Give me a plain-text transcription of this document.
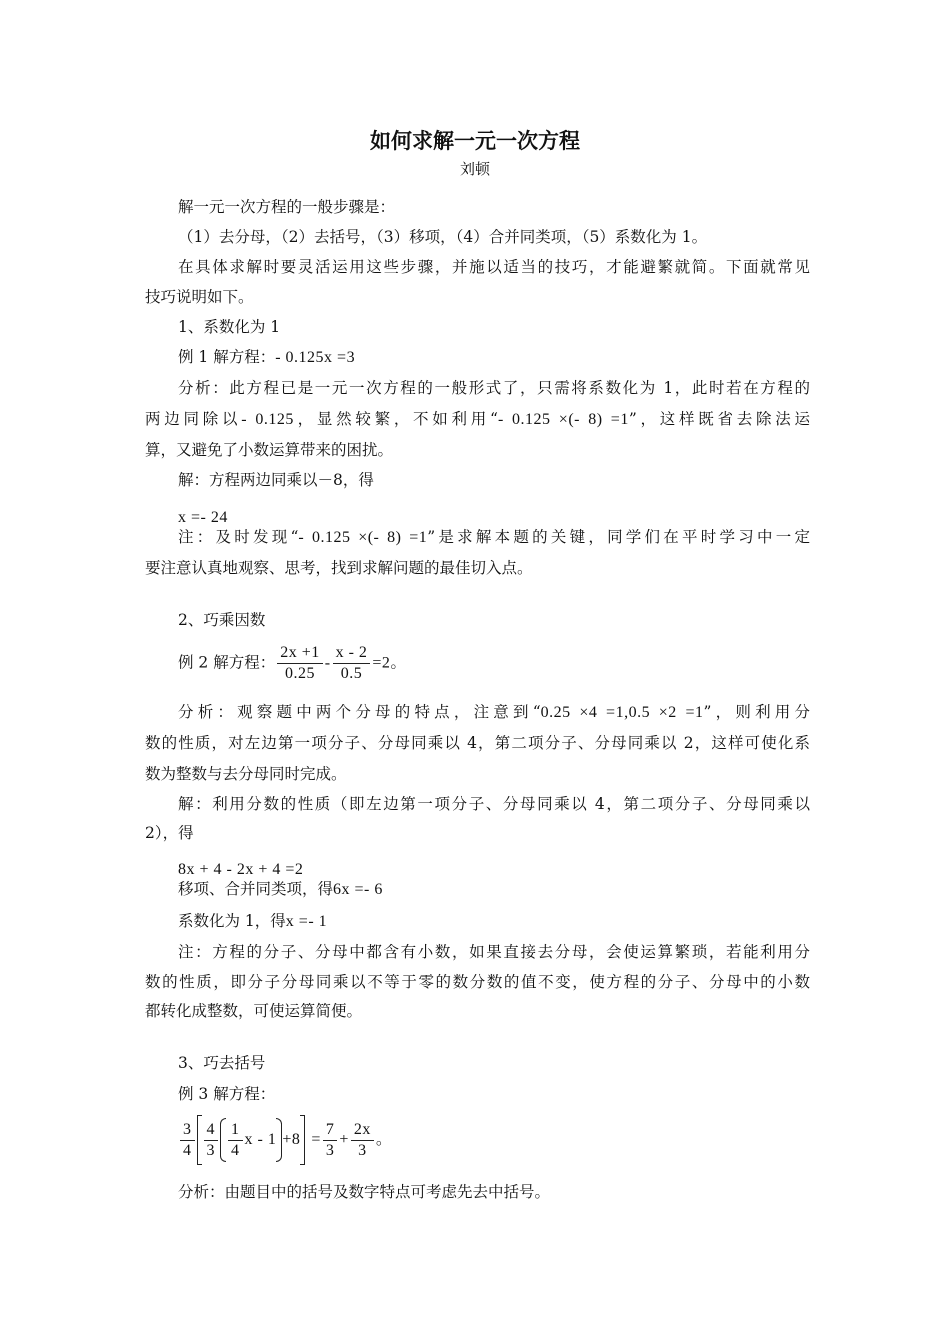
如何求解一元一次方程
刘顿
解一元一次方程的一般步骤是：
（1）去分母，（2）去括号，（3）移项，（4）合并同类项，（5）系数化为 1。
在具体求解时要灵活运用这些步骤，并施以适当的技巧，才能避繁就简。下面就常见
技巧说明如下。
1、系数化为 1
例 1 解方程：- 0.125x =3
分析：此方程已是一元一次方程的一般形式了，只需将系数化为 1，此时若在方程的
两边同除以- 0.125，显然较繁，不如利用“- 0.125 ×(- 8) =1”，这样既省去除法运
算，又避免了小数运算带来的困扰。
解：方程两边同乘以－8，得
x =- 24
注：及时发现“- 0.125 ×(- 8) =1”是求解本题的关键，同学们在平时学习中一定
要注意认真地观察、思考，找到求解问题的最佳切入点。
2、巧乘因数
例 2 解方程： $\frac{2x +1}{0.25} - \frac{x - 2}{0.5} =2$。
分析：观察题中两个分母的特点，注意到“0.25 ×4 =1,0.5 ×2 =1”，则利用分
数的性质，对左边第一项分子、分母同乘以 4，第二项分子、分母同乘以 2，这样可使化系
数为整数与去分母同时完成。
解：利用分数的性质（即左边第一项分子、分母同乘以 4，第二项分子、分母同乘以
2），得
8x + 4 - 2x + 4 =2
移项、合并同类项，得6x =- 6
系数化为 1，得x =- 1
注：方程的分子、分母中都含有小数，如果直接去分母，会使运算繁琐，若能利用分
数的性质，即分子分母同乘以不等于零的数分数的值不变，使方程的分子、分母中的小数
都转化成整数，可使运算简便。
3、巧去括号
例 3 解方程：
$\frac{3}{4} \frac{4}{3} \frac{1}{4}$ $x - 1 +8 = \frac{7}{3} + \frac{2x}{3}$ 。
分析：由题目中的括号及数字特点可考虑先去中括号。
